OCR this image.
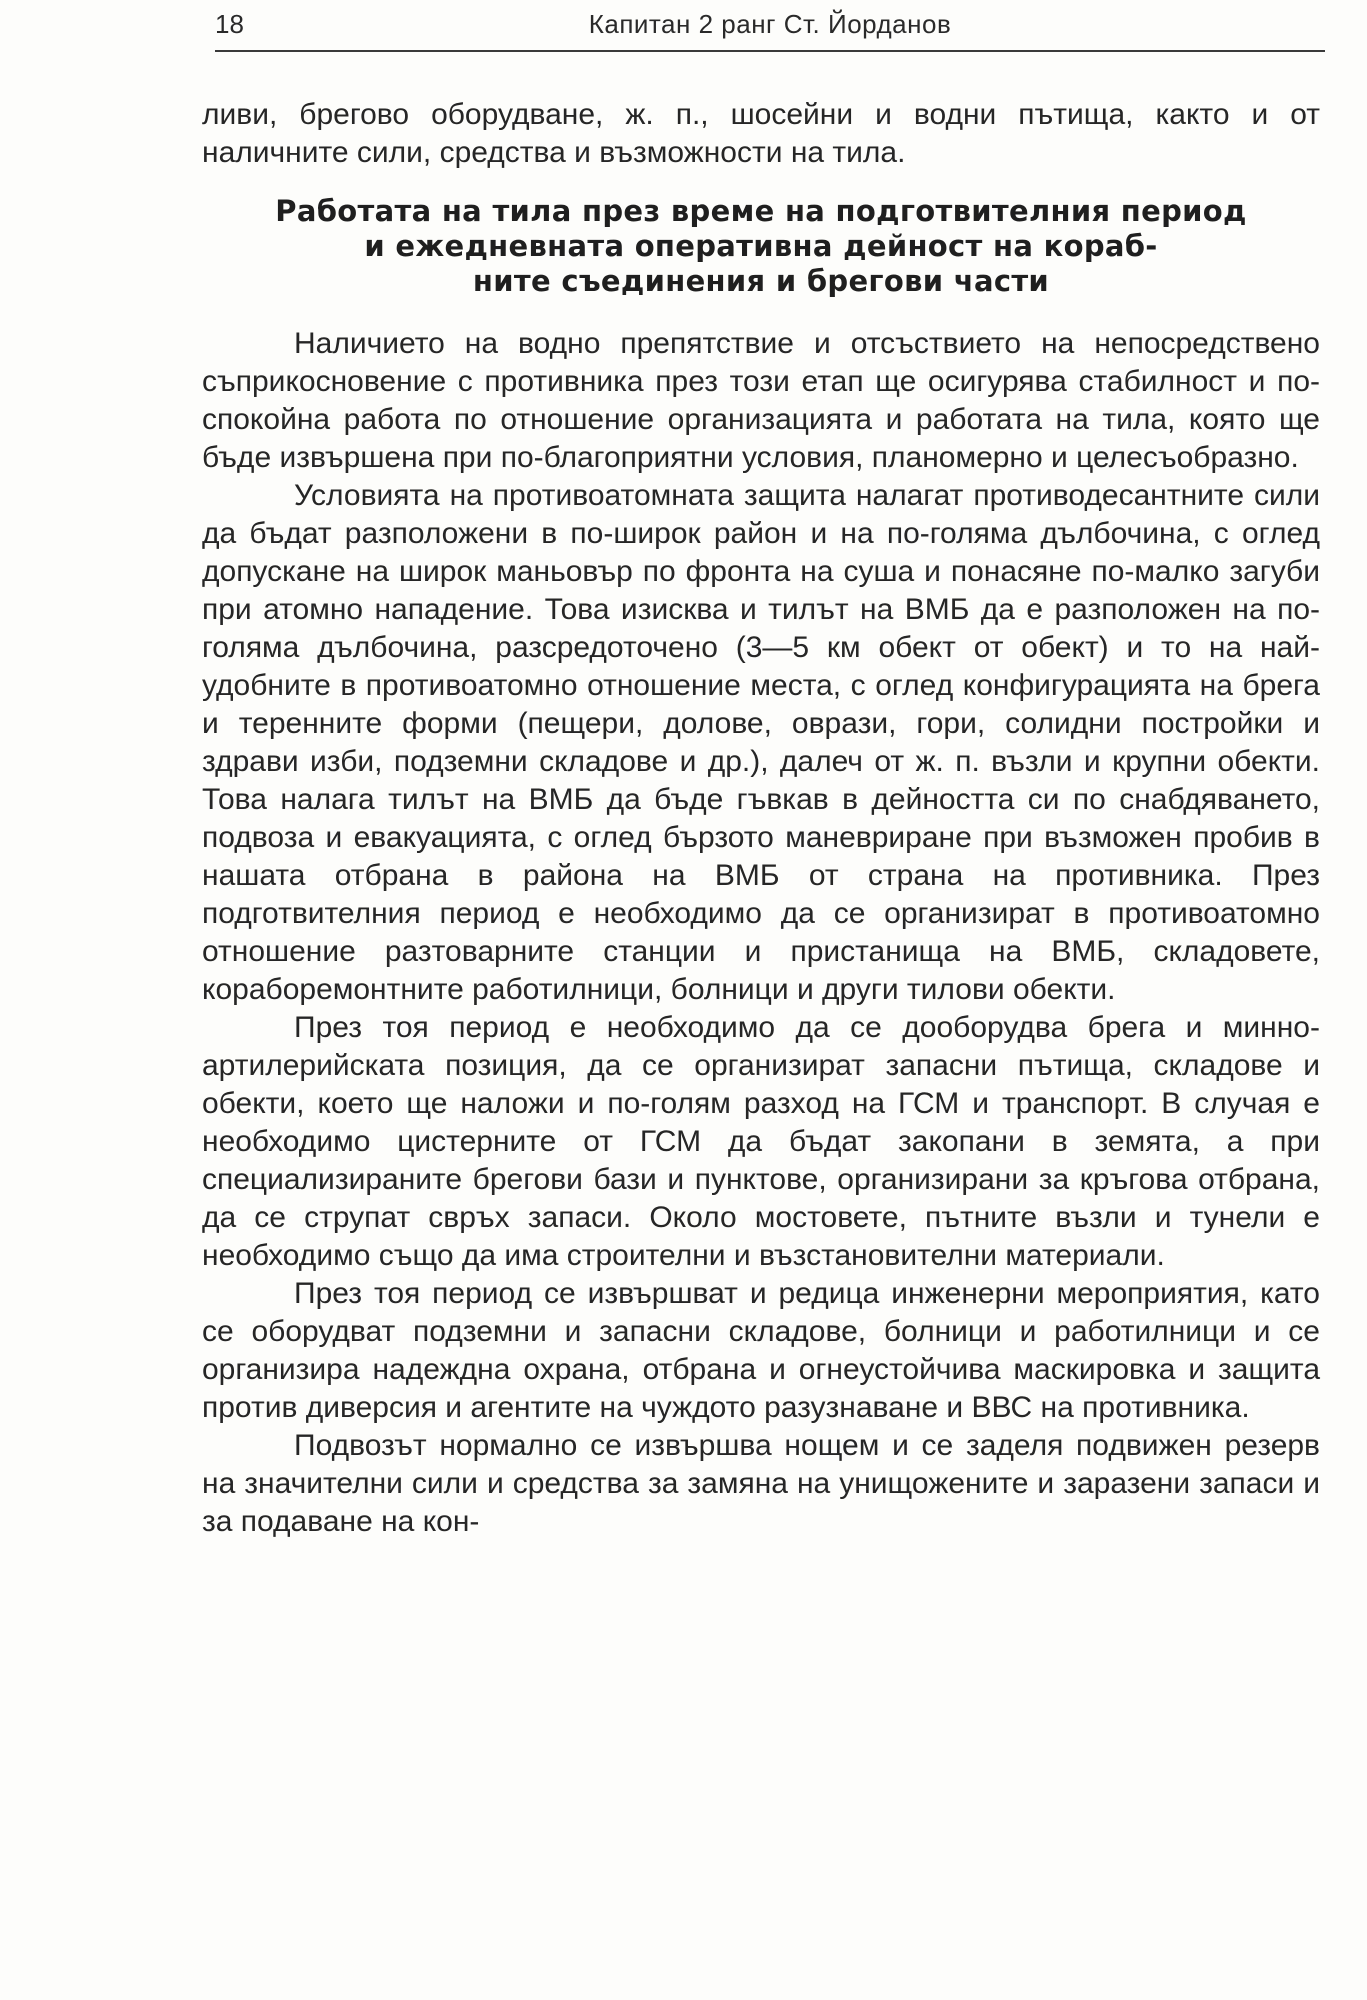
18	Капитан 2 ранг Ст. Йорданов

ливи, брегово оборудване, ж. п., шосейни и водни пътища, както и от наличните сили, средства и възможности на тила.

Работата на тила през време на подготвителния период
и ежедневната оперативна дейност на кораб-
ните съединения и брегови части

Наличието на водно препятствие и отсъствието на непосредствено съприкосновение с противника през този етап ще осигурява стабилност и по-спокойна работа по отношение организацията и работата на тила, която ще бъде извършена при по-благоприятни условия, планомерно и целесъобразно.

Условията на противоатомната защита налагат противодесантните сили да бъдат разположени в по-широк район и на по-голяма дълбочина, с оглед допускане на широк маньовър по фронта на суша и понасяне по-малко загуби при атомно нападение. Това изисква и тилът на ВМБ да е разположен на по-голяма дълбочина, разсредоточено (3—5 км обект от обект) и то на най-удобните в противоатомно отношение места, с оглед конфигурацията на брега и теренните форми (пещери, долове, оврази, гори, солидни постройки и здрави изби, подземни складове и др.), далеч от ж. п. възли и крупни обекти. Това налага тилът на ВМБ да бъде гъвкав в дейността си по снабдяването, подвоза и евакуацията, с оглед бързото маневриране при възможен пробив в нашата отбрана в района на ВМБ от страна на противника. През подготвителния период е необходимо да се организират в противоатомно отношение разтоварните станции и пристанища на ВМБ, складовете, кораборемонтните работилници, болници и други тилови обекти.

През тоя период е необходимо да се дооборудва брега и минно-артилерийската позиция, да се организират запасни пътища, складове и обекти, което ще наложи и по-голям разход на ГСМ и транспорт. В случая е необходимо цистерните от ГСМ да бъдат закопани в земята, а при специализираните брегови бази и пунктове, организирани за кръгова отбрана, да се струпат свръх запаси. Около мостовете, пътните възли и тунели е необходимо също да има строителни и възстановителни материали.

През тоя период се извършват и редица инженерни мероприятия, като се оборудват подземни и запасни складове, болници и работилници и се организира надеждна охрана, отбрана и огнеустойчива маскировка и защита против диверсия и агентите на чуждото разузнаване и ВВС на противника.

Подвозът нормално се извършва нощем и се заделя подвижен резерв на значителни сили и средства за замяна на унищожените и заразени запаси и за подаване на кон-
